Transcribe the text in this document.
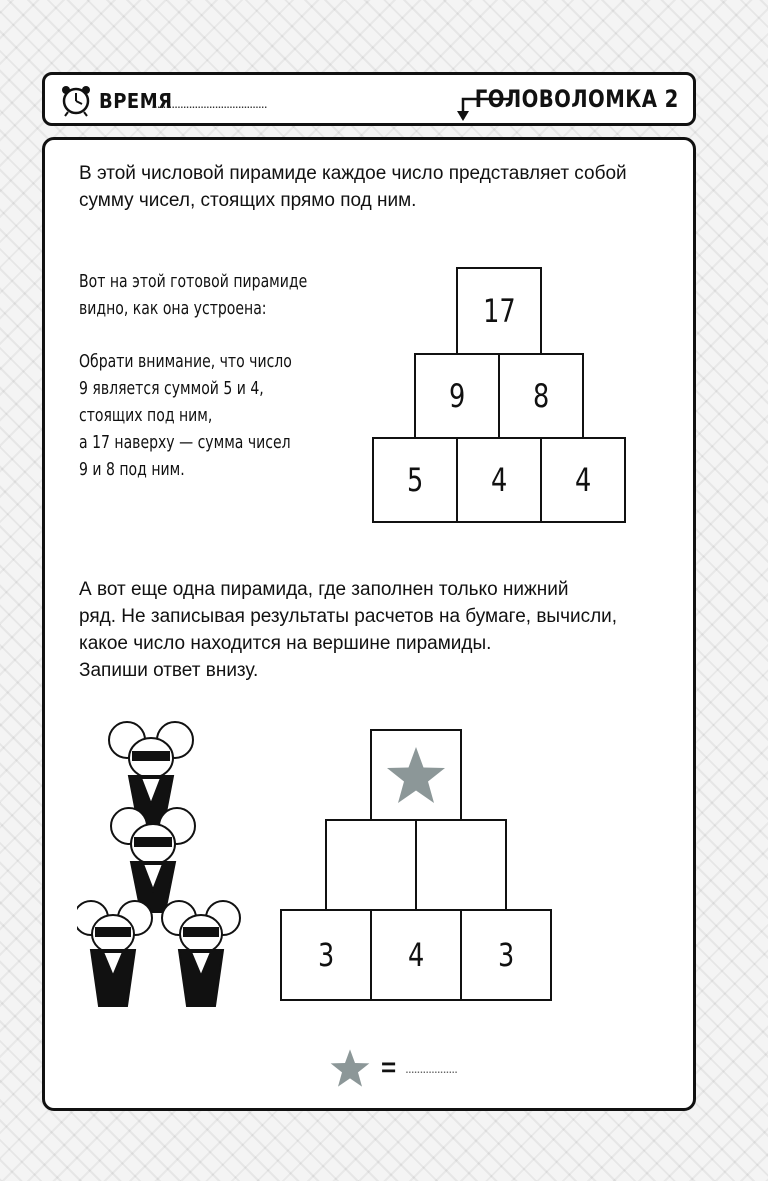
ВРЕМЯ
........................................	ГОЛОВОЛОМКА 2
В этой числовой пирамиде каждое число представляет собой сумму чисел, стоящих прямо под ним.
Вот на этой готовой пирамиде видно, как она устроена:
Обрати внимание, что число
9 является суммой 5 и 4,
стоящих под ним,
а 17 наверху — сумма чисел
9 и 8 под ним.
17
9 8
5 4 4
А вот еще одна пирамида, где заполнен только нижний
ряд. Не записывая результаты расчетов на бумаге, вычисли,
какое число находится на вершине пирамиды.
Запиши ответ внизу.
3 4 3
= ..................
